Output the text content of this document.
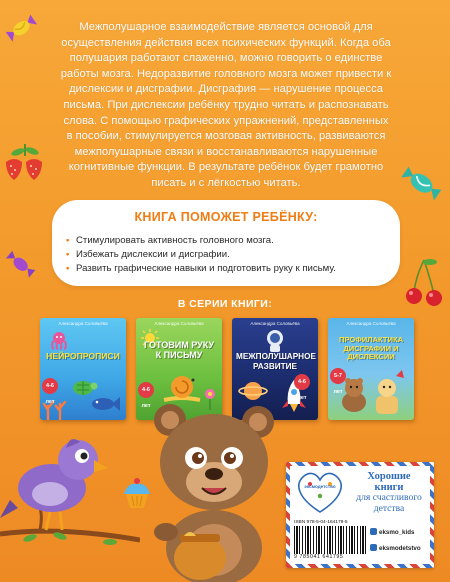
Межполушарное взаимодействие является основой для осуществления действия всех психических функций. Когда оба полушария работают слаженно, можно говорить о единстве работы мозга. Недоразвитие головного мозга может привести к дислексии и дисграфии. Дисграфия — нарушение процесса письма. При дислексии ребёнку трудно читать и распознавать слова. С помощью графических упражнений, представленных в пособии, стимулируется мозговая активность, развиваются межполушарные связи и восстанавливаются нарушенные когнитивные функции. В результате ребёнок будет грамотно писать и с лёгкостью читать.
КНИГА ПОМОЖЕТ РЕБЁНКУ:
• Стимулировать активность головного мозга.
• Избежать дислексии и дисграфии.
• Развить графические навыки и подготовить руку к письму.
В СЕРИИ КНИГИ:
Александра Соловьёва
НЕЙРОПРОПИСИ
4-6 лет
Александра Соловьёва
ГОТОВИМ РУКУ К ПИСЬМУ
4-6 лет
Александра Соловьёва
МЕЖПОЛУШАРНОЕ РАЗВИТИЕ
4-6 лет
Александра Соловьёва
ПРОФИЛАКТИКА ДИСГРАФИИ И ДИСЛЕКСИИ
5-7 лет
эксмодетство
Хорошие
книги
для счастливого
детства
ISBN 978-5-04-164179-5
9 785041 641795
eksmo_kids
eksmodetstvo
